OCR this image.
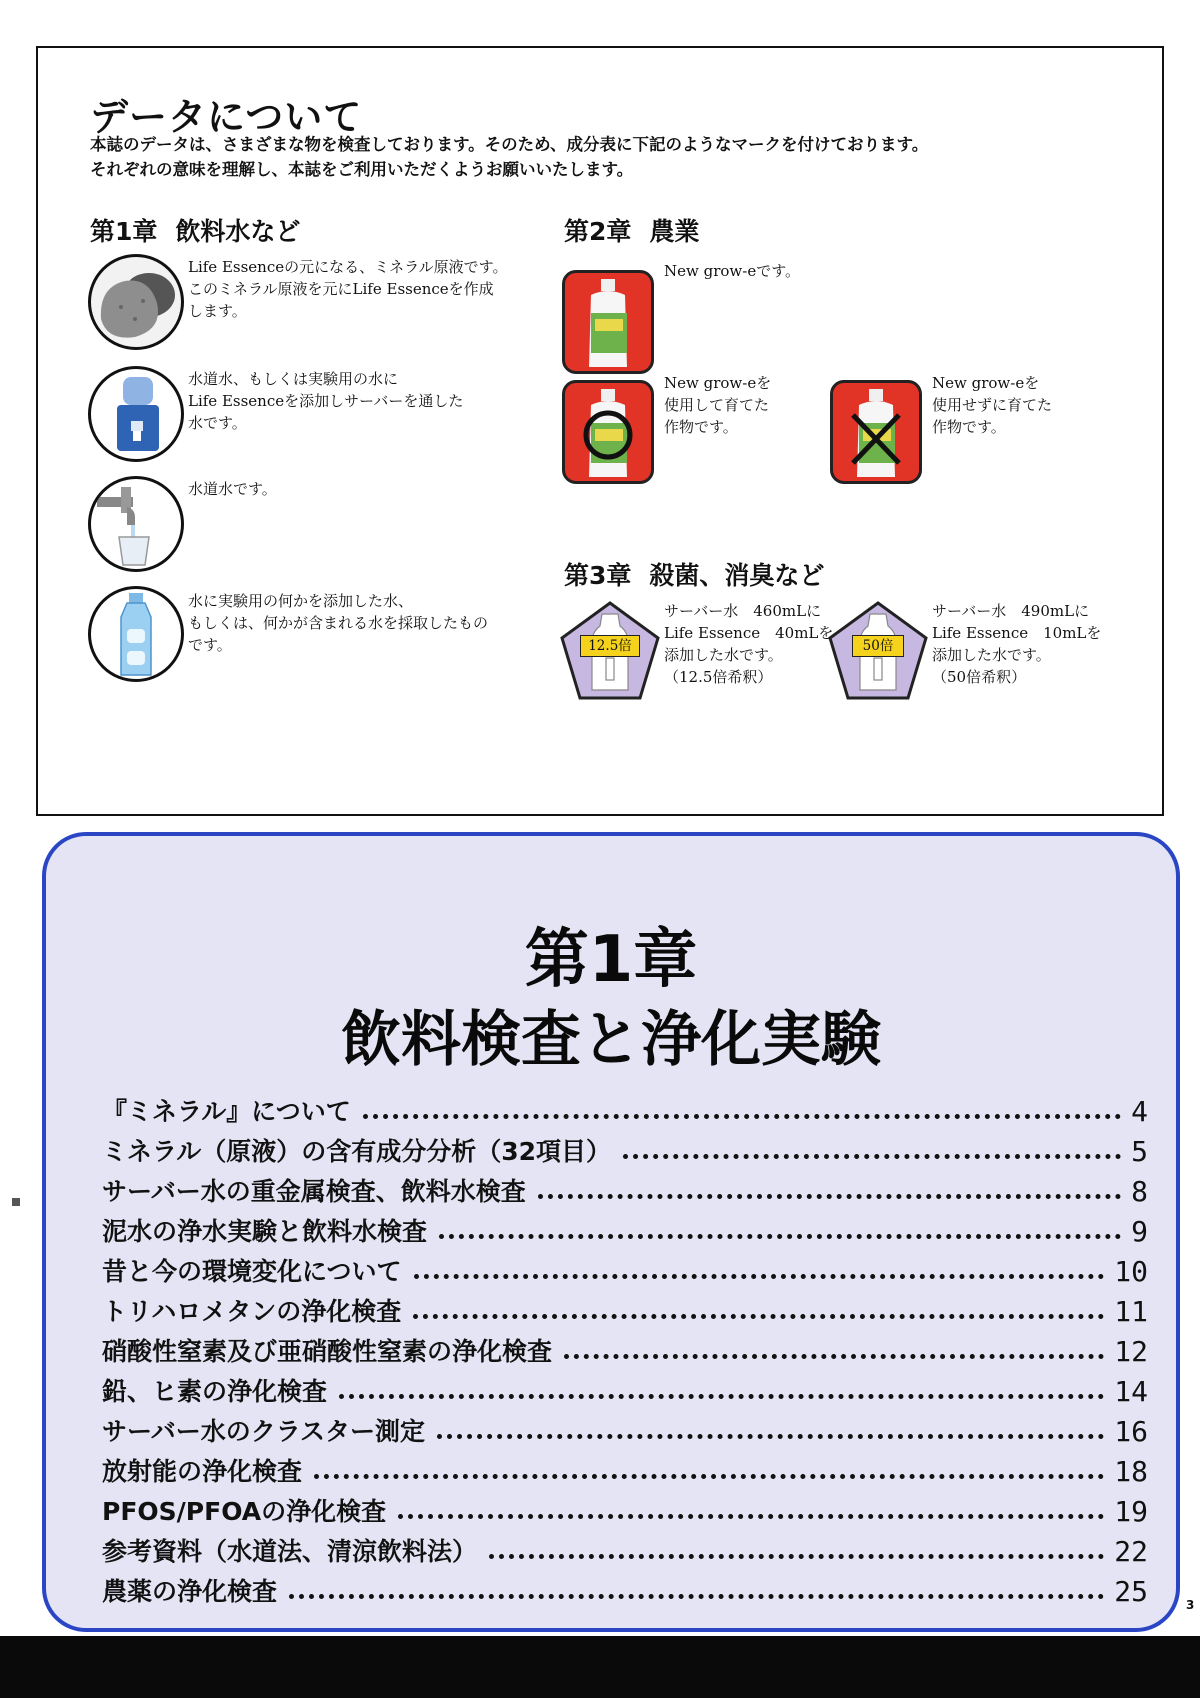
データについて
本誌のデータは、さまざまな物を検査しております。そのため、成分表に下記のようなマークを付けております。
それぞれの意味を理解し、本誌をご利用いただくようお願いいたします。
第1章 飲料水など

Life Essenceの元になる、ミネラル原液です。
このミネラル原液を元にLife Essenceを作成
します。

水道水、もしくは実験用の水に
Life Essenceを添加しサーバーを通した
水です。

水道水です。

水に実験用の何かを添加した水、
もしくは、何かが含まれる水を採取したもの
です。

第2章 農業

New grow-eです。

New grow-eを
使用して育てた
作物です。

New grow-eを
使用せずに育てた
作物です。

第3章 殺菌、消臭など
12.5倍

サーバー水　460mLに
Life Essence　40mLを
添加した水です。
（12.5倍希釈）

50倍

サーバー水　490mLに
Life Essence　10mLを
添加した水です。
（50倍希釈）

第1章
飲料検査と浄化実験
『ミネラル』について	4
ミネラル（原液）の含有成分分析（32項目）	5
サーバー水の重金属検査、飲料水検査	8
泥水の浄水実験と飲料水検査	9
昔と今の環境変化について	10
トリハロメタンの浄化検査	11
硝酸性窒素及び亜硝酸性窒素の浄化検査	12
鉛、ヒ素の浄化検査	14
サーバー水のクラスター測定	16
放射能の浄化検査	18
PFOS/PFOAの浄化検査	19
参考資料（水道法、清涼飲料法）	22
農薬の浄化検査	25	3
